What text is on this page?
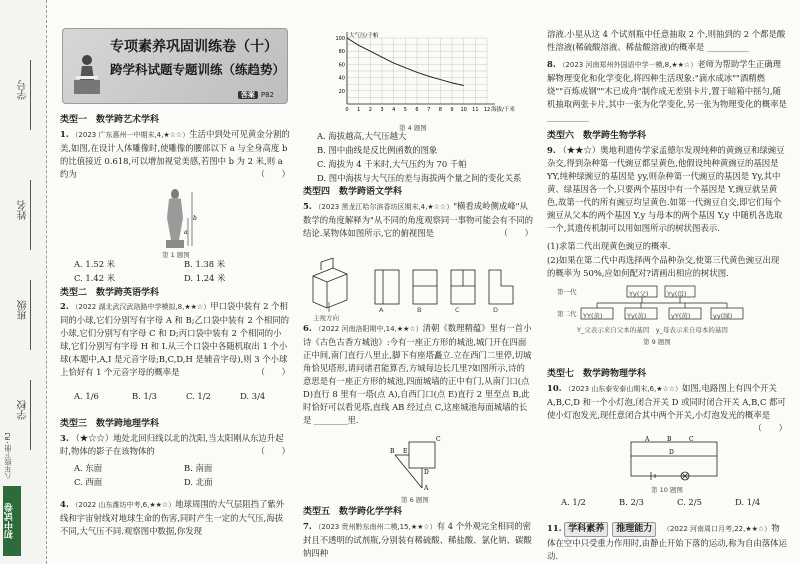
学号
姓名
班级
学校
八年级下册·RJ
初中试卷
专项素养巩固训练卷（十）
跨学科试题专题训练（练趋势）
答案 P82
类型一　数学跨艺术学科
1. （2023 广东惠州一中期末,4,★☆☆）生活中到处可见黄金分割的美,如图,在设计人体雕像时,使雕像的腰部以下 a 与全身高度 b 的比值接近 0.618,可以增加视觉美感,若图中 b 为 2 米,则 a 约为	（　　）
b
a
第 1 题图
A. 1.52 米	B. 1.38 米
C. 1.42 米	D. 1.24 米
类型二　数学跨英语学科
2. （2022 湖北武汉武珞路中学模拟,8,★★☆）甲口袋中装有 2 个相同的小球,它们分别写有字母 A 和 B;乙口袋中装有 2 个相同的小球,它们分别写有字母 C 和 D;丙口袋中装有 2 个相同的小球,它们分别写有字母 H 和 I.从三个口袋中各随机取出 1 个小球(本题中,A,I 是元音字母;B,C,D,H 是辅音字母),则 3 个小球上恰好有 1 个元音字母的概率是	（　　）
A. 1/6	B. 1/3	C. 1/2	D. 3/4
类型三　数学跨地理学科
3. （★☆☆）地处北回归线以北的沈阳,当太阳刚从东边升起时,物体的影子在该物体的	（　　）
A. 东面	B. 南面
C. 西面	D. 北面
4. （2022 山东潍坊中考,6,★★☆）地球周围的大气层阻挡了紫外线和宇宙射线对地球生命的伤害,同时产生一定的大气压,海拔不同,大气压不同.观察图中数据,你发现
100
80
60
40
20
0 1 2 3 4 5 6 7 8 9 10 11 12
大气压/千帕
海拔/千米
第 4 题图
A. 海拔越高,大气压越大
B. 图中曲线是反比例函数的图象
C. 海拔为 4 千米时,大气压约为 70 千帕
D. 图中海拔与大气压的差与海拔两个量之间的变化关系
类型四　数学跨语文学科
5. （2023 黑龙江哈尔滨香坊区期末,4,★☆☆）"横看成岭侧成峰"从数学的角度解释为"从不同的角度观察同一事物可能会有不同的结论.某物体如图所示,它的俯视图是	（　　）
主视方向
A	B	C	D
6. （2022 河南洛阳期中,14,★★☆）清朝《数理精蕴》里有一首小诗《古色古香方城池》:今有一座正方形的城池,城门开在四面正中间,南门直行八里止,脚下有座塔矗立.立在西门二里停,切城角恰见塔形,请问诸君能算否,方城每边长几里?如图所示,诗的意思是有一座正方形的城池,四面城墙的正中有门,从南门口(点 D)直行 8 里有一塔(点 A),自西门口(点 E)直行 2 里至点 B,此时恰好可以看见塔,直线 AB 经过点 C,这座城池每面城墙的长是 ________里.
B E
C
D
A
第 6 题图
类型五　数学跨化学学科
7. （2023 贵州黔东南州二模,15,★★☆）有 4 个外观完全相同的密封且不透明的试剂瓶,分别装有稀硫酸、稀盐酸、氯化钠、碳酸钠四种
溶液.小星从这 4 个试剂瓶中任意抽取 2 个,则抽到的 2 个都是酸性溶液(稀硫酸溶液、稀盐酸溶液)的概率是 __________
8. （2023 河南郑州外国语中学一模,8,★★☆）老师为帮助学生正确理解物理变化和化学变化,将四种生活现象:"滴水成冰""酒精燃烧""百炼成钢""木已成舟"制作成无差别卡片,置于暗箱中摇匀,随机抽取两张卡片,其中一张为化学变化,另一张为物理变化的概率是 __________
类型六　数学跨生物学科
9. （★★☆）奥地利遗传学家孟德尔发现纯种的黄豌豆和绿豌豆杂交,得到杂种第一代豌豆都呈黄色,他假设纯种黄豌豆的基因是 YY,纯种绿豌豆的基因是 yy,则杂种第一代豌豆的基因是 Yy,其中黄、绿基因各一个,只要两个基因中有一个基因是 Y,豌豆就呈黄色,故第一代的所有豌豆均呈黄色.如第一代豌豆自交,即它们每个豌豆从父本的两个基因 Y,y 与母本的两个基因 Y,y 中随机各选取一个,其遗传机制可以用如图所示的树状图表示.
(1)求第二代出现黄色豌豆的概率.
(2)如果在第二代中再选择两个品种杂交,使第三代黄色豌豆出现的概率为 50%,应如何配对?请画出相应的树状图.
第一代
第二代
Yy(父)	Yy(母)
YY(黄)	Yy(黄)	yY(黄)	yy(绿)
Y_父表示来自父本的基因　y_母表示来自母本的基因
第 9 题图
类型七　数学跨物理学科
10. （2023 山东泰安泰山期末,6,★☆☆）如图,电路图上有四个开关 A,B,C,D 和一个小灯泡,闭合开关 D 或同时闭合开关 A,B,C 都可使小灯泡发光,现任意闭合其中两个开关,小灯泡发光的概率是
（　　）
A	B	C
D
第 10 题图
A. 1/2	B. 2/3	C. 2/5	D. 1/4
11. 学科素养 推理能力 （2022 河南周口月考,22,★★☆）物体在空中只受重力作用时,由静止开始下落的运动,称为自由落体运动.
